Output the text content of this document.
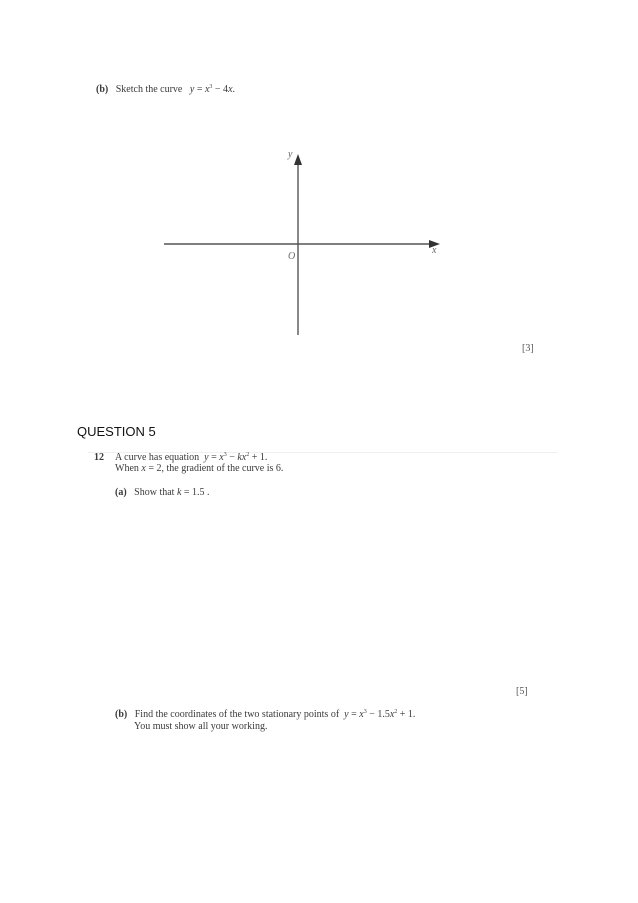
(b) Sketch the curve $y = x^3 - 4x$.
y
x
O
[3]
QUESTION 5
12 A curve has equation $y = x^3 - kx^2 + 1$.
When x = 2, the gradient of the curve is 6.
(a) Show that k = 1.5 .
[5]
(b) Find the coordinates of the two stationary points of $y = x^3 - 1.5x^2 + 1$.
You must show all your working.
